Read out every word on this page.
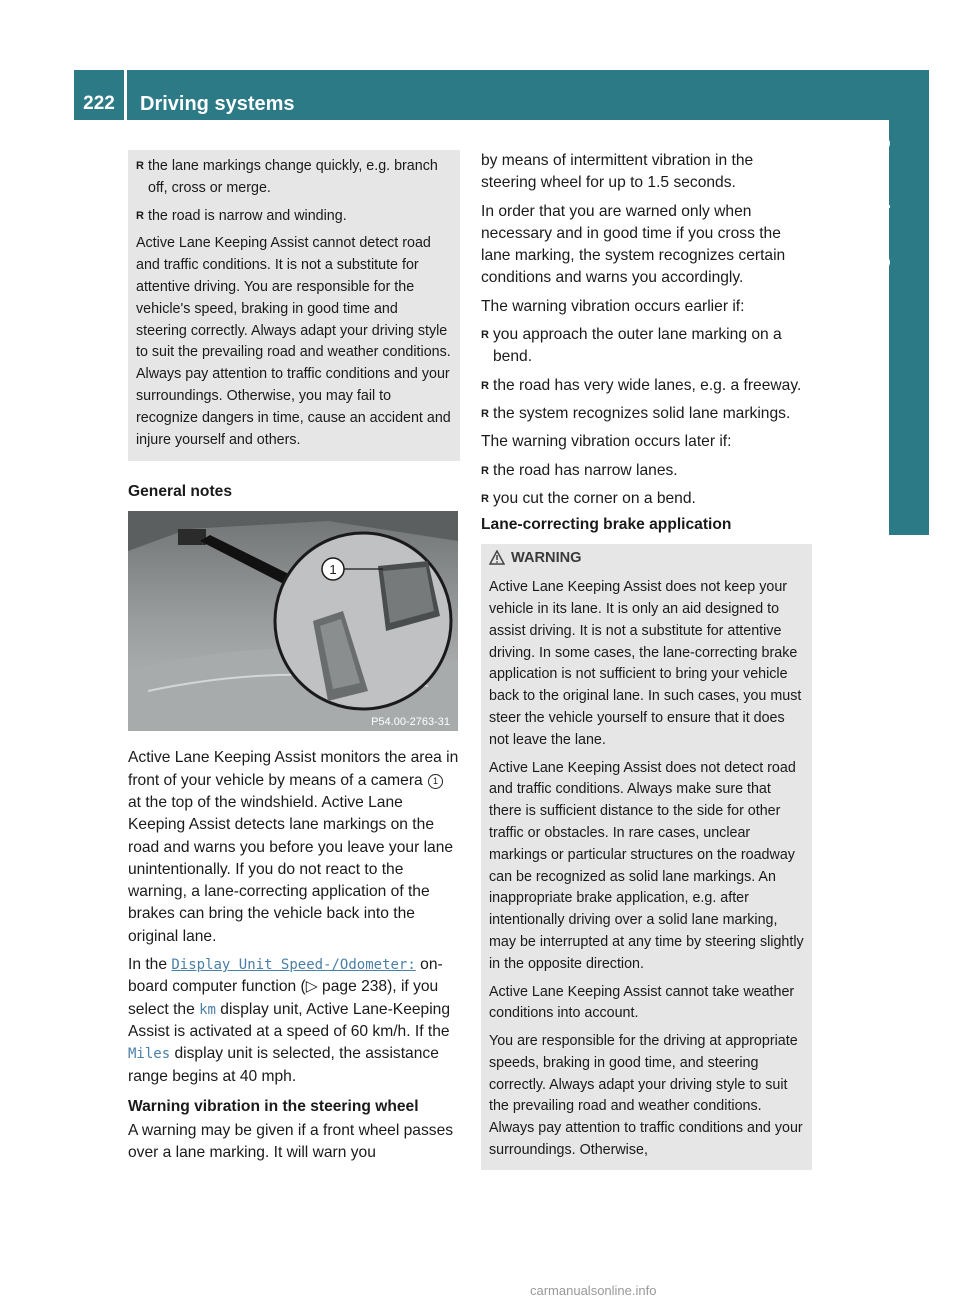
222	Driving systems
Driving and parking
R the lane markings change quickly, e.g. branch off, cross or merge.
R the road is narrow and winding.

Active Lane Keeping Assist cannot detect road and traffic conditions. It is not a substitute for attentive driving. You are responsible for the vehicle's speed, braking in good time and steering correctly. Always adapt your driving style to suit the prevailing road and weather conditions. Always pay attention to traffic conditions and your surroundings. Otherwise, you may fail to recognize dangers in time, cause an accident and injure yourself and others.

General notes
1
P54.00-2763-31

Active Lane Keeping Assist monitors the area in front of your vehicle by means of a camera 1 at the top of the windshield. Active Lane Keeping Assist detects lane markings on the road and warns you before you leave your lane unintentionally. If you do not react to the warning, a lane-correcting application of the brakes can bring the vehicle back into the original lane.

In the Display Unit Speed-/Odometer: on-board computer function (▷ page 238), if you select the km display unit, Active Lane-Keeping Assist is activated at a speed of 60 km/h. If the Miles display unit is selected, the assistance range begins at 40 mph.

Warning vibration in the steering wheel

A warning may be given if a front wheel passes over a lane marking. It will warn you

by means of intermittent vibration in the steering wheel for up to 1.5 seconds.

In order that you are warned only when necessary and in good time if you cross the lane marking, the system recognizes certain conditions and warns you accordingly.

The warning vibration occurs earlier if:

R you approach the outer lane marking on a bend.
R the road has very wide lanes, e.g. a freeway.
R the system recognizes solid lane markings.

The warning vibration occurs later if:

R the road has narrow lanes.
R you cut the corner on a bend.
Lane-correcting brake application
WARNING

Active Lane Keeping Assist does not keep your vehicle in its lane. It is only an aid designed to assist driving. It is not a substitute for attentive driving. In some cases, the lane-correcting brake application is not sufficient to bring your vehicle back to the original lane. In such cases, you must steer the vehicle yourself to ensure that it does not leave the lane.

Active Lane Keeping Assist does not detect road and traffic conditions. Always make sure that there is sufficient distance to the side for other traffic or obstacles. In rare cases, unclear markings or particular structures on the roadway can be recognized as solid lane markings. An inappropriate brake application, e.g. after intentionally driving over a solid lane marking, may be interrupted at any time by steering slightly in the opposite direction.

Active Lane Keeping Assist cannot take weather conditions into account.

You are responsible for the driving at appropriate speeds, braking in good time, and steering correctly. Always adapt your driving style to suit the prevailing road and weather conditions. Always pay attention to traffic conditions and your surroundings. Otherwise,

carmanualsonline.info
